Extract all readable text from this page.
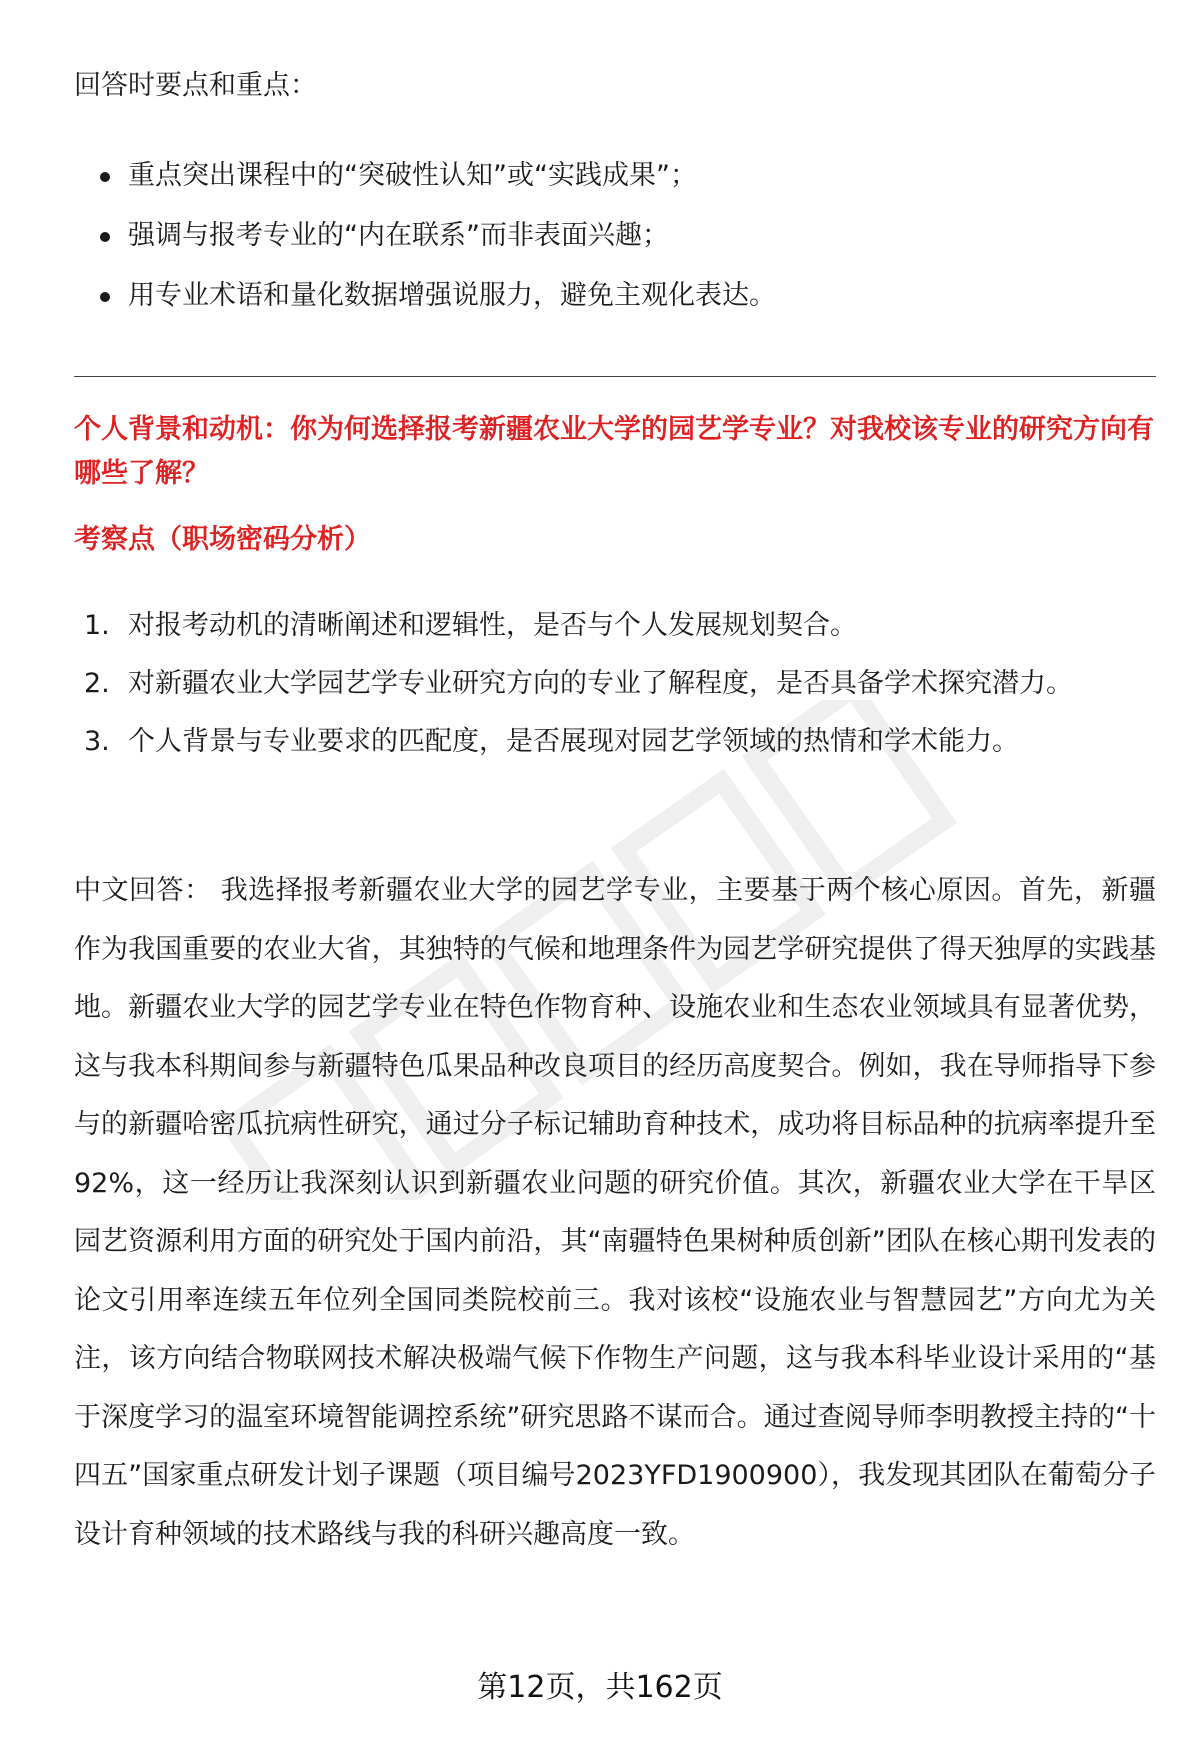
回答时要点和重点：

重点突出课程中的“突破性认知”或“实践成果”；
强调与报考专业的“内在联系”而非表面兴趣；
用专业术语和量化数据增强说服力，避免主观化表达。

个人背景和动机：你为何选择报考新疆农业大学的园艺学专业？对我校该专业的研究方向有哪些了解？

考察点（职场密码分析）

1. 对报考动机的清晰阐述和逻辑性，是否与个人发展规划契合。
2. 对新疆农业大学园艺学专业研究方向的专业了解程度，是否具备学术探究潜力。
3. 个人背景与专业要求的匹配度，是否展现对园艺学领域的热情和学术能力。

中文回答： 我选择报考新疆农业大学的园艺学专业，主要基于两个核心原因。首先，新疆作为我国重要的农业大省，其独特的气候和地理条件为园艺学研究提供了得天独厚的实践基地。新疆农业大学的园艺学专业在特色作物育种、设施农业和生态农业领域具有显著优势，这与我本科期间参与新疆特色瓜果品种改良项目的经历高度契合。例如，我在导师指导下参与的新疆哈密瓜抗病性研究，通过分子标记辅助育种技术，成功将目标品种的抗病率提升至92%，这一经历让我深刻认识到新疆农业问题的研究价值。其次，新疆农业大学在干旱区园艺资源利用方面的研究处于国内前沿，其“南疆特色果树种质创新”团队在核心期刊发表的论文引用率连续五年位列全国同类院校前三。我对该校“设施农业与智慧园艺”方向尤为关注，该方向结合物联网技术解决极端气候下作物生产问题，这与我本科毕业设计采用的“基于深度学习的温室环境智能调控系统”研究思路不谋而合。通过查阅导师李明教授主持的“十四五”国家重点研发计划子课题（项目编号2023YFD1900900），我发现其团队在葡萄分子设计育种领域的技术路线与我的科研兴趣高度一致。

第12页，共162页
